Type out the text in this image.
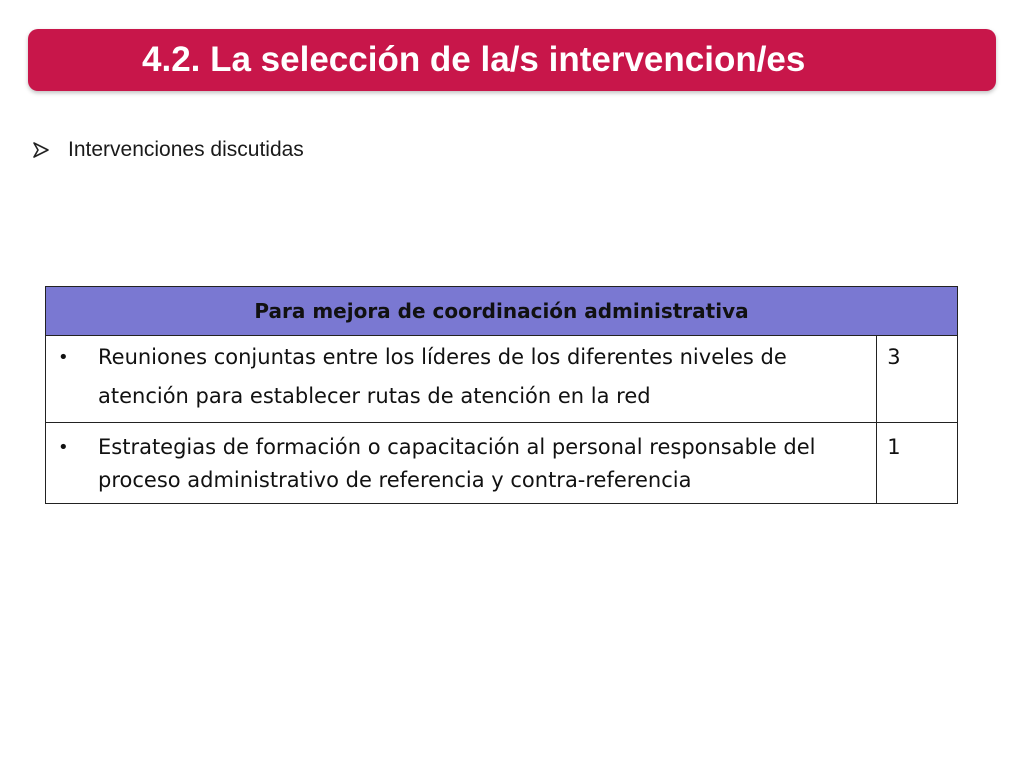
4.2. La selección de la/s intervencion/es
Intervenciones discutidas
Para mejora de coordinación administrativa	

• Reuniones conjuntas entre los líderes de los diferentes niveles de atención para establecer rutas de atención en la red	3

• Estrategias de formación o capacitación al personal responsable del proceso administrativo de referencia y contra-referencia	1
